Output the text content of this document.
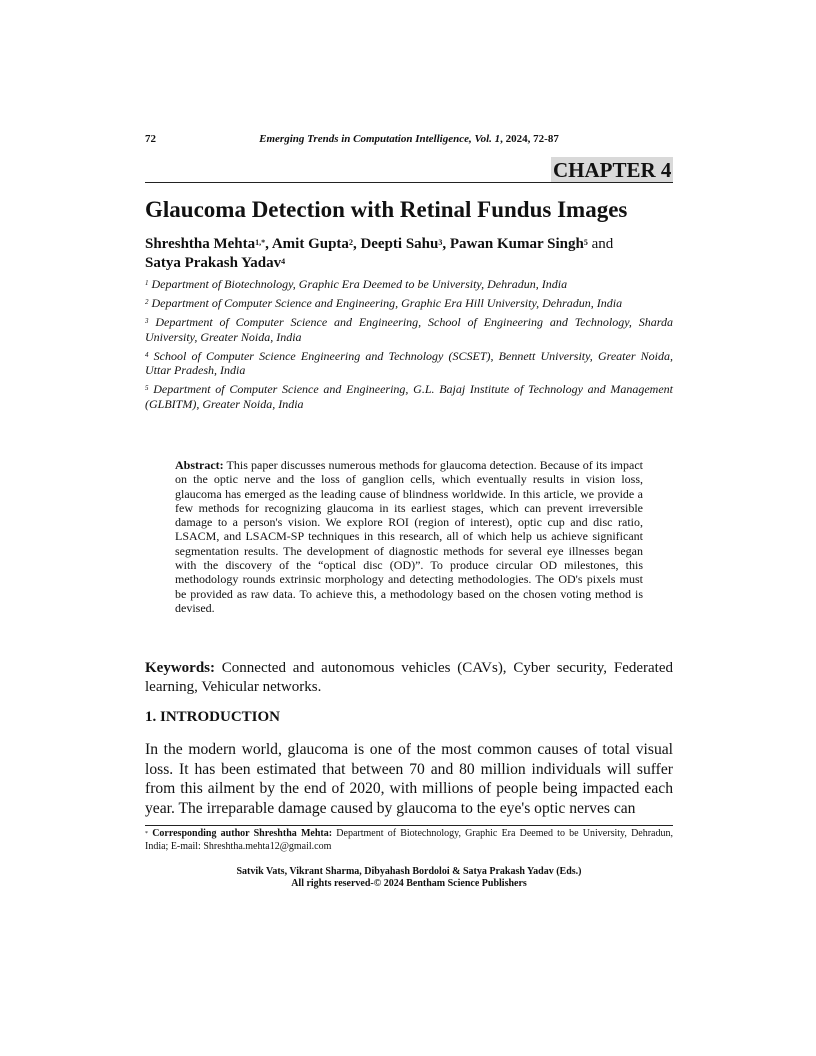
72	Emerging Trends in Computation Intelligence, Vol. 1, 2024, 72-87
CHAPTER 4
Glaucoma Detection with Retinal Fundus Images
Shreshtha Mehta$^{1,*}$, Amit Gupta$^2$, Deepti Sahu$^3$, Pawan Kumar Singh$^5$ and
Satya Prakash Yadav$^4$
$^1$ Department of Biotechnology, Graphic Era Deemed to be University, Dehradun, India
$^2$ Department of Computer Science and Engineering, Graphic Era Hill University, Dehradun, India
$^3$ Department of Computer Science and Engineering, School of Engineering and Technology, Sharda University, Greater Noida, India
$^4$ School of Computer Science Engineering and Technology (SCSET), Bennett University, Greater Noida, Uttar Pradesh, India
$^5$ Department of Computer Science and Engineering, G.L. Bajaj Institute of Technology and Management (GLBITM), Greater Noida, India
Abstract: This paper discusses numerous methods for glaucoma detection. Because of its impact on the optic nerve and the loss of ganglion cells, which eventually results in vision loss, glaucoma has emerged as the leading cause of blindness worldwide. In this article, we provide a few methods for recognizing glaucoma in its earliest stages, which can prevent irreversible damage to a person's vision. We explore ROI (region of interest), optic cup and disc ratio, LSACM, and LSACM-SP techniques in this research, all of which help us achieve significant segmentation results. The development of diagnostic methods for several eye illnesses began with the discovery of the “optical disc (OD)”. To produce circular OD milestones, this methodology rounds extrinsic morphology and detecting methodologies. The OD's pixels must be provided as raw data. To achieve this, a methodology based on the chosen voting method is devised.
Keywords: Connected and autonomous vehicles (CAVs), Cyber security, Federated learning, Vehicular networks.
1. INTRODUCTION
In the modern world, glaucoma is one of the most common causes of total visual loss. It has been estimated that between 70 and 80 million individuals will suffer from this ailment by the end of 2020, with millions of people being impacted each year. The irreparable damage caused by glaucoma to the eye's optic nerves can
* Corresponding author Shreshtha Mehta: Department of Biotechnology, Graphic Era Deemed to be University, Dehradun, India; E-mail: Shreshtha.mehta12@gmail.com
Satvik Vats, Vikrant Sharma, Dibyahash Bordoloi & Satya Prakash Yadav (Eds.)
All rights reserved-© 2024 Bentham Science Publishers
